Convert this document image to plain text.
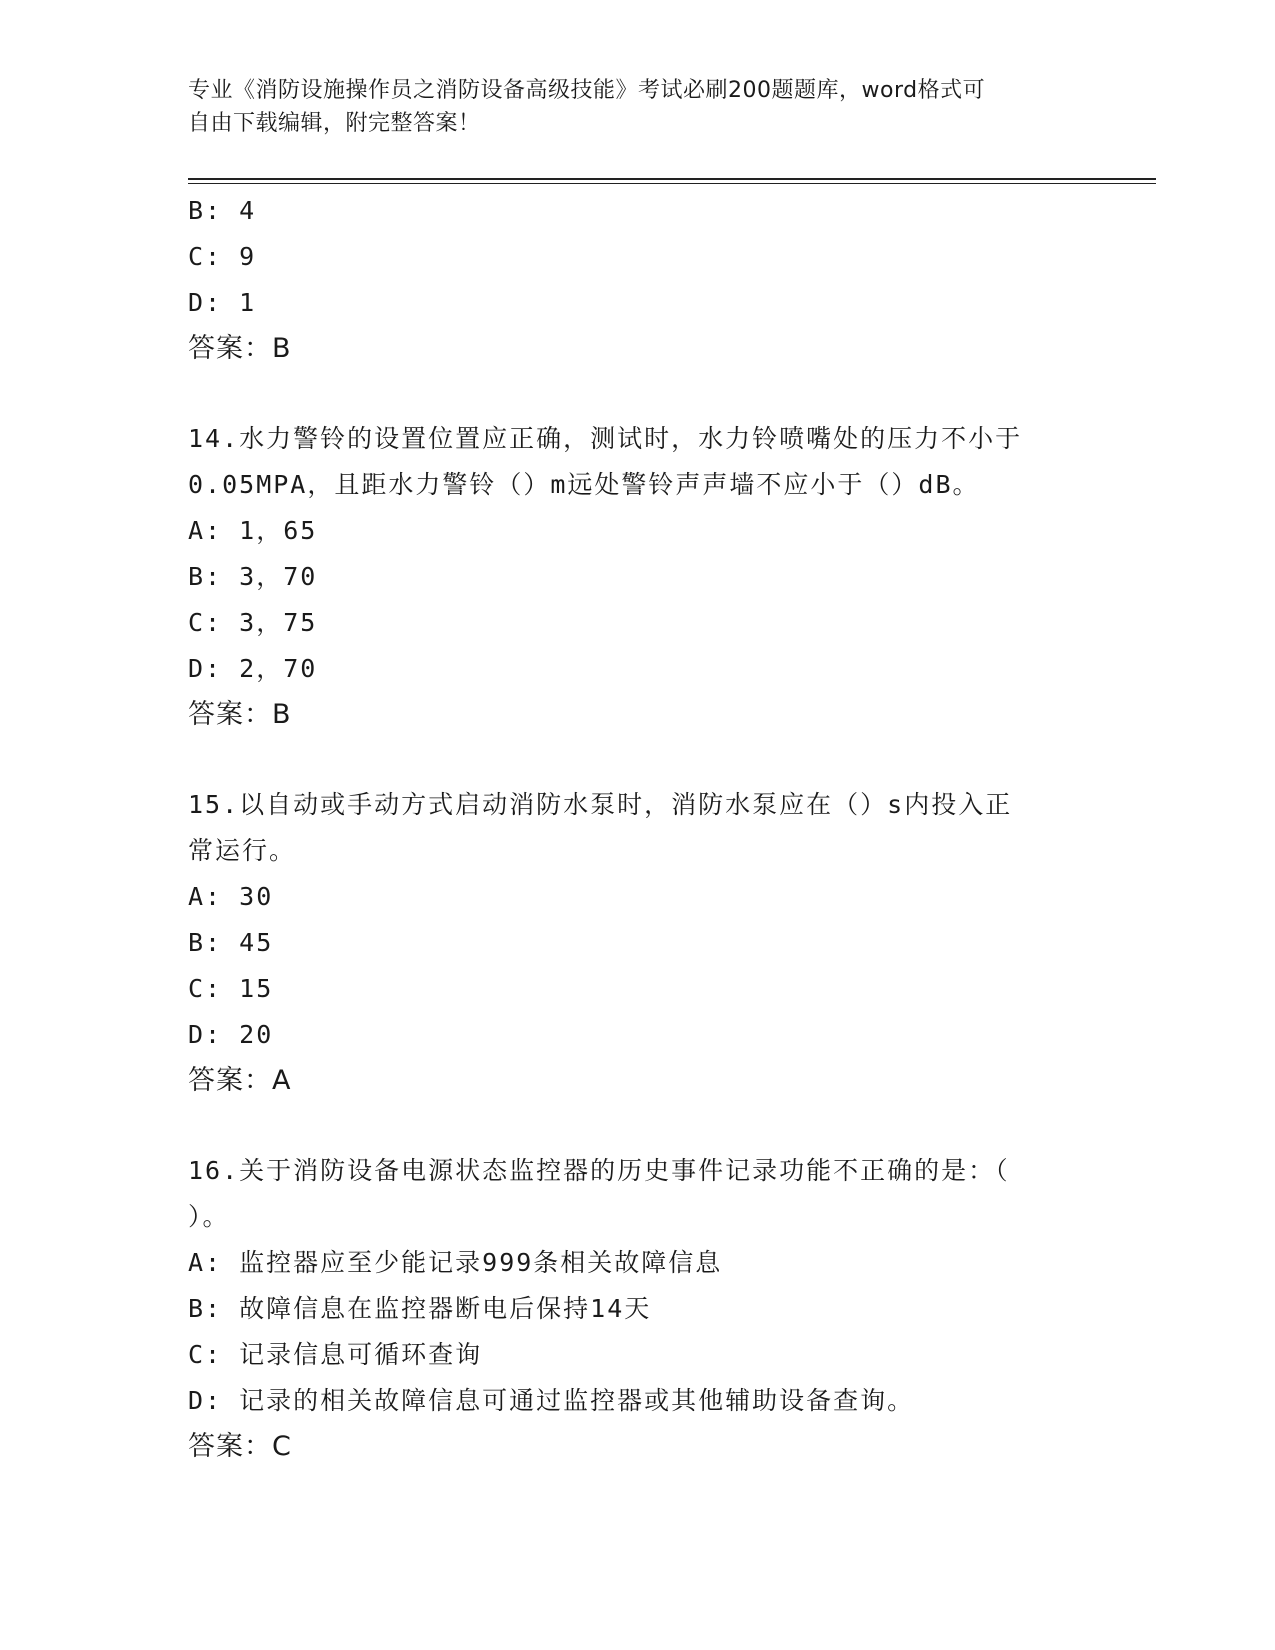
专业《消防设施操作员之消防设备高级技能》考试必刷200题题库，word格式可
自由下载编辑，附完整答案！
B: 4
C: 9
D: 1
答案：B
14.水力警铃的设置位置应正确，测试时，水力铃喷嘴处的压力不小于
0.05MPA，且距水力警铃（）m远处警铃声声墙不应小于（）dB。
A: 1，65
B: 3，70
C: 3，75
D: 2，70
答案：B
15.以自动或手动方式启动消防水泵时，消防水泵应在（）s内投入正
常运行。
A: 30
B: 45
C: 15
D: 20
答案：A
16.关于消防设备电源状态监控器的历史事件记录功能不正确的是：（
）。
A: 监控器应至少能记录999条相关故障信息
B: 故障信息在监控器断电后保持14天
C: 记录信息可循环查询
D: 记录的相关故障信息可通过监控器或其他辅助设备查询。
答案：C
